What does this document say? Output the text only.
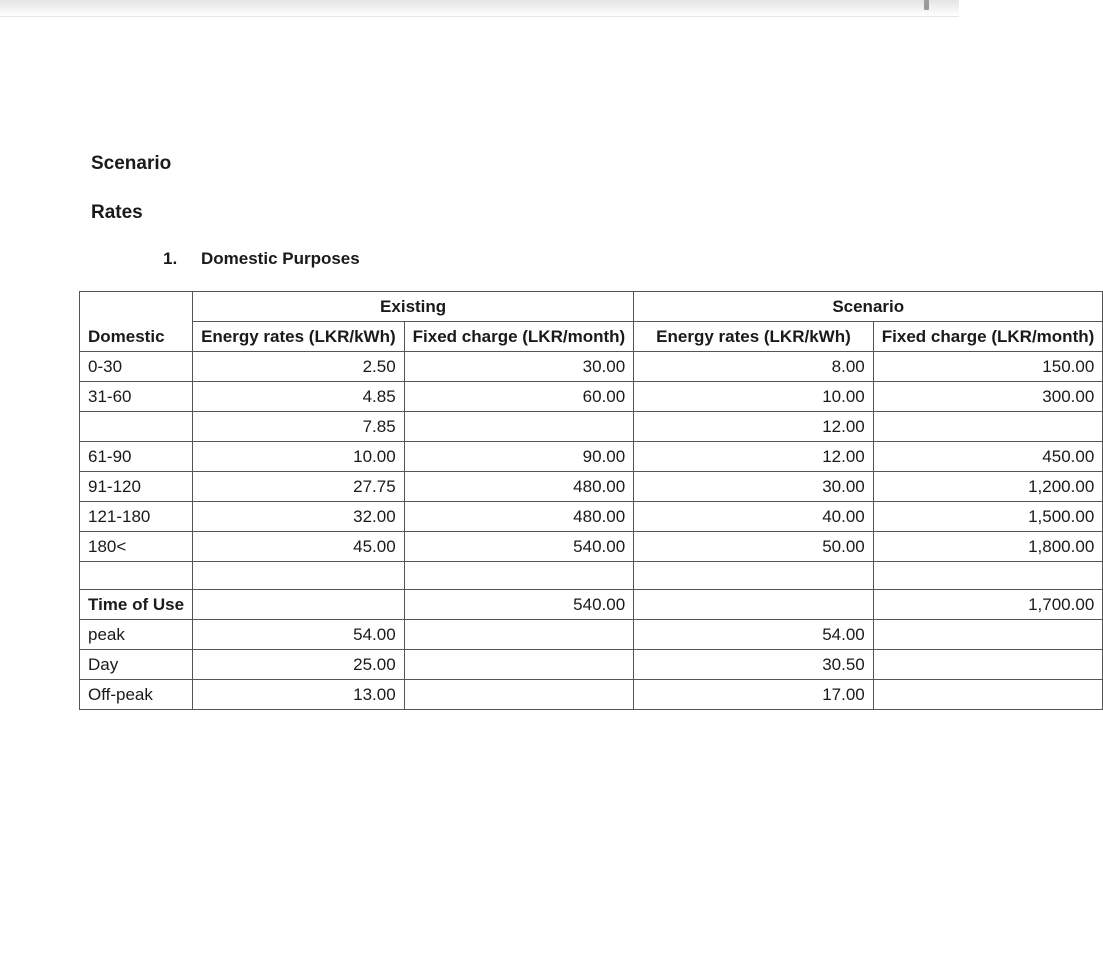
Scenario
Rates
1. Domestic Purposes
	Existing		Scenario	
Domestic	Energy rates (LKR/kWh)	Fixed charge (LKR/month)	Energy rates (LKR/kWh)	Fixed charge (LKR/month)
0-30	2.50	30.00	8.00	150.00
31-60	4.85	60.00	10.00	300.00
	7.85		12.00	
61-90	10.00	90.00	12.00	450.00
91-120	27.75	480.00	30.00	1,200.00
121-180	32.00	480.00	40.00	1,500.00
180<	45.00	540.00	50.00	1,800.00

Time of Use		540.00		1,700.00
peak	54.00		54.00	
Day	25.00		30.50	
Off-peak	13.00		17.00	
